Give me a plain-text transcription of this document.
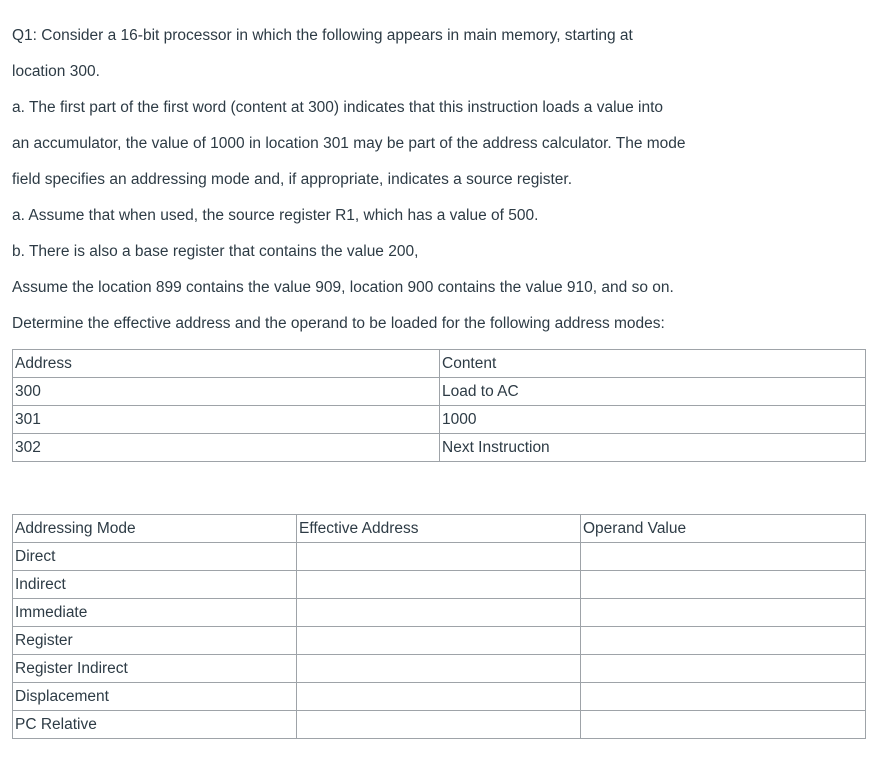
Q1: Consider a 16-bit processor in which the following appears in main memory, starting at

location 300.

a. The first part of the first word (content at 300) indicates that this instruction loads a value into

an accumulator, the value of 1000 in location 301 may be part of the address calculator. The mode

field specifies an addressing mode and, if appropriate, indicates a source register.

a. Assume that when used, the source register R1, which has a value of 500.

b. There is also a base register that contains the value 200,

Assume the location 899 contains the value 909, location 900 contains the value 910, and so on.

Determine the effective address and the operand to be loaded for the following address modes:

Address	Content
300	Load to AC
301	1000
302	Next Instruction
Addressing Mode	Effective Address	Operand Value
Direct		
Indirect		
Immediate		
Register		
Register Indirect		
Displacement		
PC Relative		
